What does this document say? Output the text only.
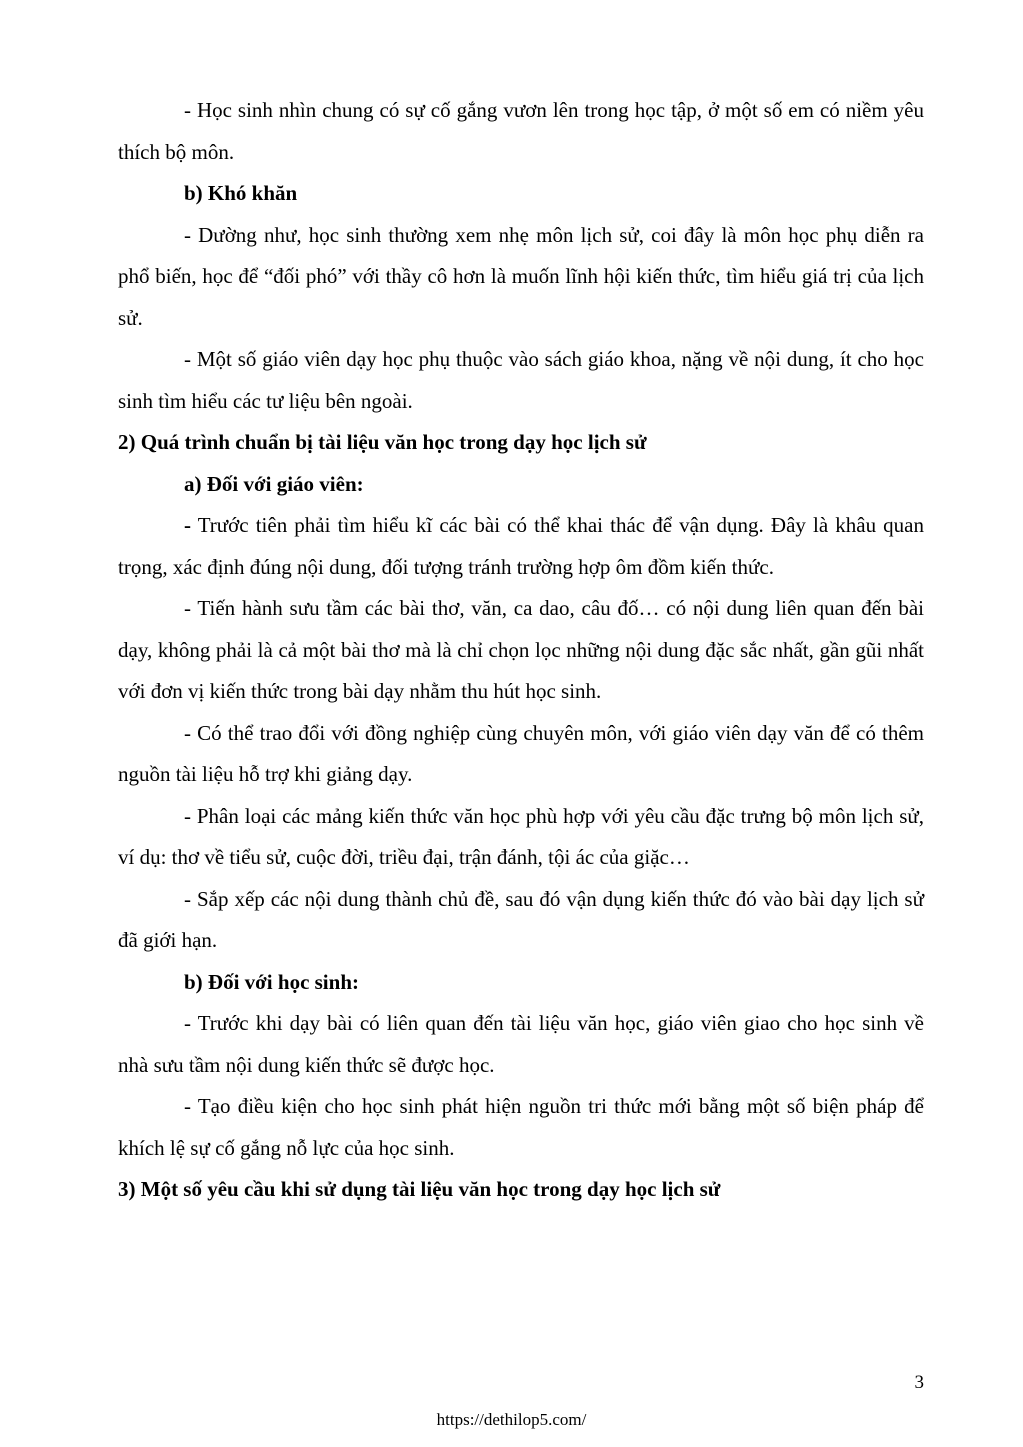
- Học sinh nhìn chung có sự cố gắng vươn lên trong học tập, ở một số em có niềm yêu thích bộ môn.

b) Khó khăn

- Dường như, học sinh thường xem nhẹ môn lịch sử, coi đây là môn học phụ diễn ra phổ biến, học để “đối phó” với thầy cô hơn là muốn lĩnh hội kiến thức, tìm hiểu giá trị của lịch sử.

- Một số giáo viên dạy học phụ thuộc vào sách giáo khoa, nặng về nội dung, ít cho học sinh tìm hiểu các tư liệu bên ngoài.

2) Quá trình chuẩn bị tài liệu văn học trong dạy học lịch sử

a) Đối với giáo viên:

- Trước tiên phải tìm hiểu kĩ các bài có thể khai thác để vận dụng. Đây là khâu quan trọng, xác định đúng nội dung, đối tượng tránh trường hợp ôm đồm kiến thức.

- Tiến hành sưu tầm các bài thơ, văn, ca dao, câu đố… có nội dung liên quan đến bài dạy, không phải là cả một bài thơ mà là chỉ chọn lọc những nội dung đặc sắc nhất, gần gũi nhất với đơn vị kiến thức trong bài dạy nhằm thu hút học sinh.

- Có thể trao đổi với đồng nghiệp cùng chuyên môn, với giáo viên dạy văn để có thêm nguồn tài liệu hỗ trợ khi giảng dạy.

- Phân loại các mảng kiến thức văn học phù hợp với yêu cầu đặc trưng bộ môn lịch sử, ví dụ: thơ về tiểu sử, cuộc đời, triều đại, trận đánh, tội ác của giặc…

- Sắp xếp các nội dung thành chủ đề, sau đó vận dụng kiến thức đó vào bài dạy lịch sử đã giới hạn.

b) Đối với học sinh:

- Trước khi dạy bài có liên quan đến tài liệu văn học, giáo viên giao cho học sinh về nhà sưu tầm nội dung kiến thức sẽ được học.

- Tạo điều kiện cho học sinh phát hiện nguồn tri thức mới bằng một số biện pháp để khích lệ sự cố gắng nỗ lực của học sinh.

3) Một số yêu cầu khi sử dụng tài liệu văn học trong dạy học lịch sử

3
https://dethilop5.com/
